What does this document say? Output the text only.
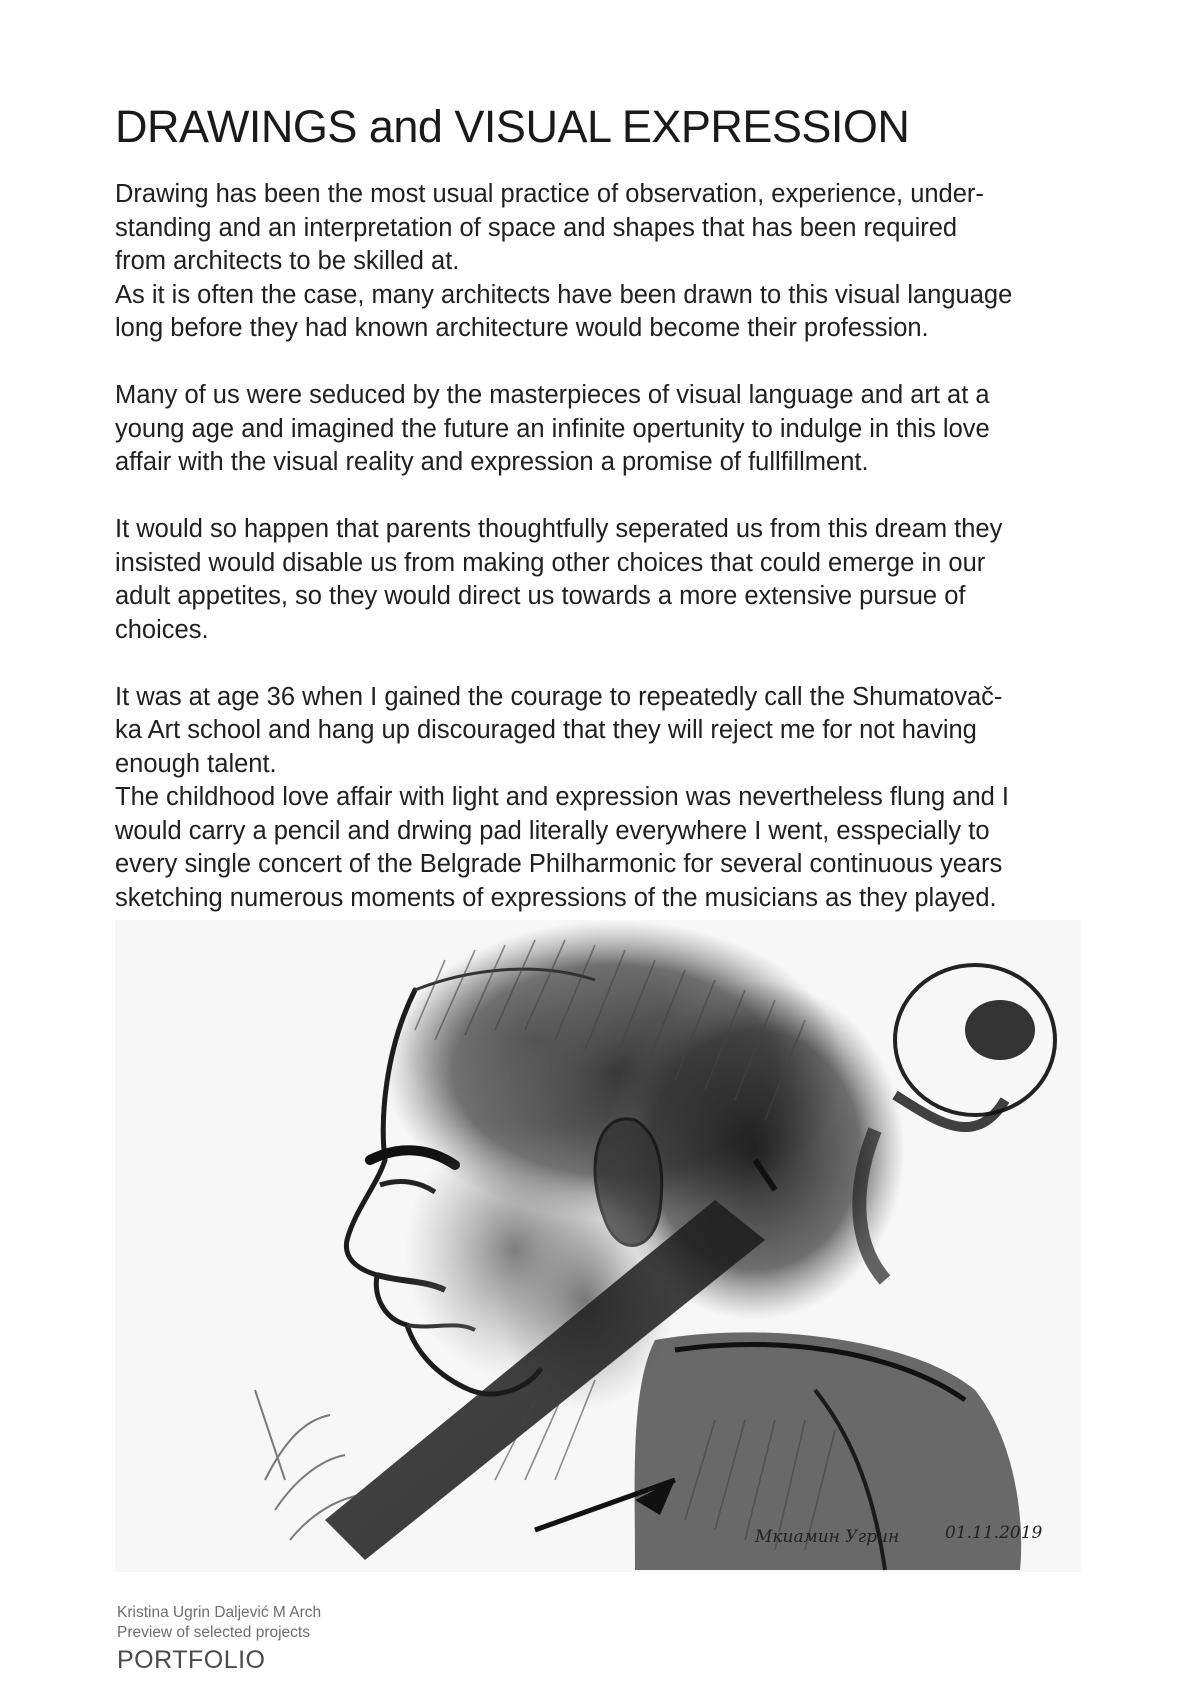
DRAWINGS and VISUAL EXPRESSION

Drawing has been the most usual practice of observation, experience, under-
standing and an interpretation of space and shapes that has been required
from architects to be skilled at.
As it is often the case, many architects have been drawn to this visual language
long before they had known architecture would become their profession.

Many of us were seduced by the masterpieces of visual language and art at a
young age and imagined the future an infinite opertunity to indulge in this love
affair with the visual reality and expression a promise of fullfillment.

It would so happen that parents thoughtfully seperated us from this dream they
insisted would disable us from making other choices that could emerge in our
adult appetites, so they would direct us towards a more extensive pursue of
choices.

It was at age 36 when I gained the courage to repeatedly call the Shumatovač-
ka Art school and hang up discouraged that they will reject me for not having
enough talent.
The childhood love affair with light and expression was nevertheless flung and I
would carry a pencil and drwing pad literally everywhere I went, esspecially to
every single concert of the Belgrade Philharmonic for several continuous years
sketching numerous moments of expressions of the musicians as they played.

Мкиамин Угрин	01.11.2019
Kristina Ugrin Daljević M Arch
Preview of selected projects
PORTFOLIO
